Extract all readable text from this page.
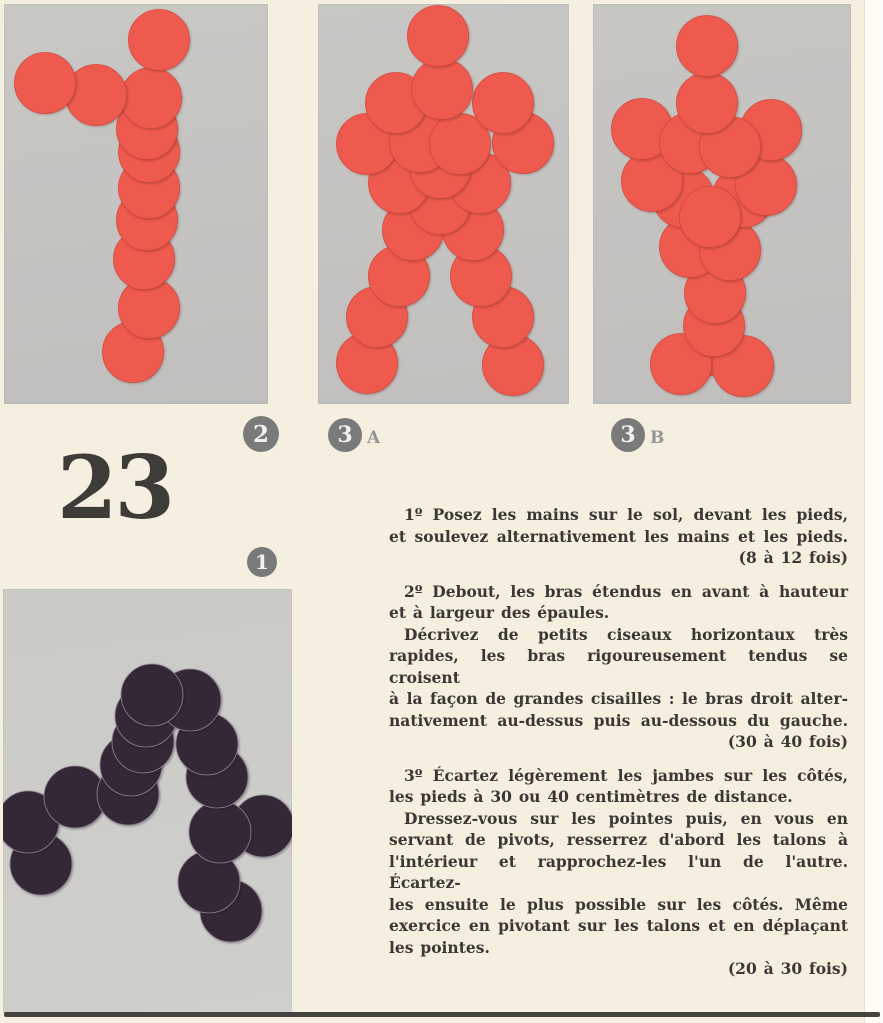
2	3 A	3 B
1
23	1º Posez les mains sur le sol, devant les pieds,
et soulevez alternativement les mains et les pieds.
(8 à 12 fois)
2º Debout, les bras étendus en avant à hauteur
et à largeur des épaules.
Décrivez de petits ciseaux horizontaux très
rapides, les bras rigoureusement tendus se croisent
à la façon de grandes cisailles : le bras droit alter-
nativement au-dessus puis au-dessous du gauche.
(30 à 40 fois)
3º Écartez légèrement les jambes sur les côtés,
les pieds à 30 ou 40 centimètres de distance.
Dressez-vous sur les pointes puis, en vous en
servant de pivots, resserrez d'abord les talons à
l'intérieur et rapprochez-les l'un de l'autre. Écartez-
les ensuite le plus possible sur les côtés. Même
exercice en pivotant sur les talons et en déplaçant
les pointes.
(20 à 30 fois)
